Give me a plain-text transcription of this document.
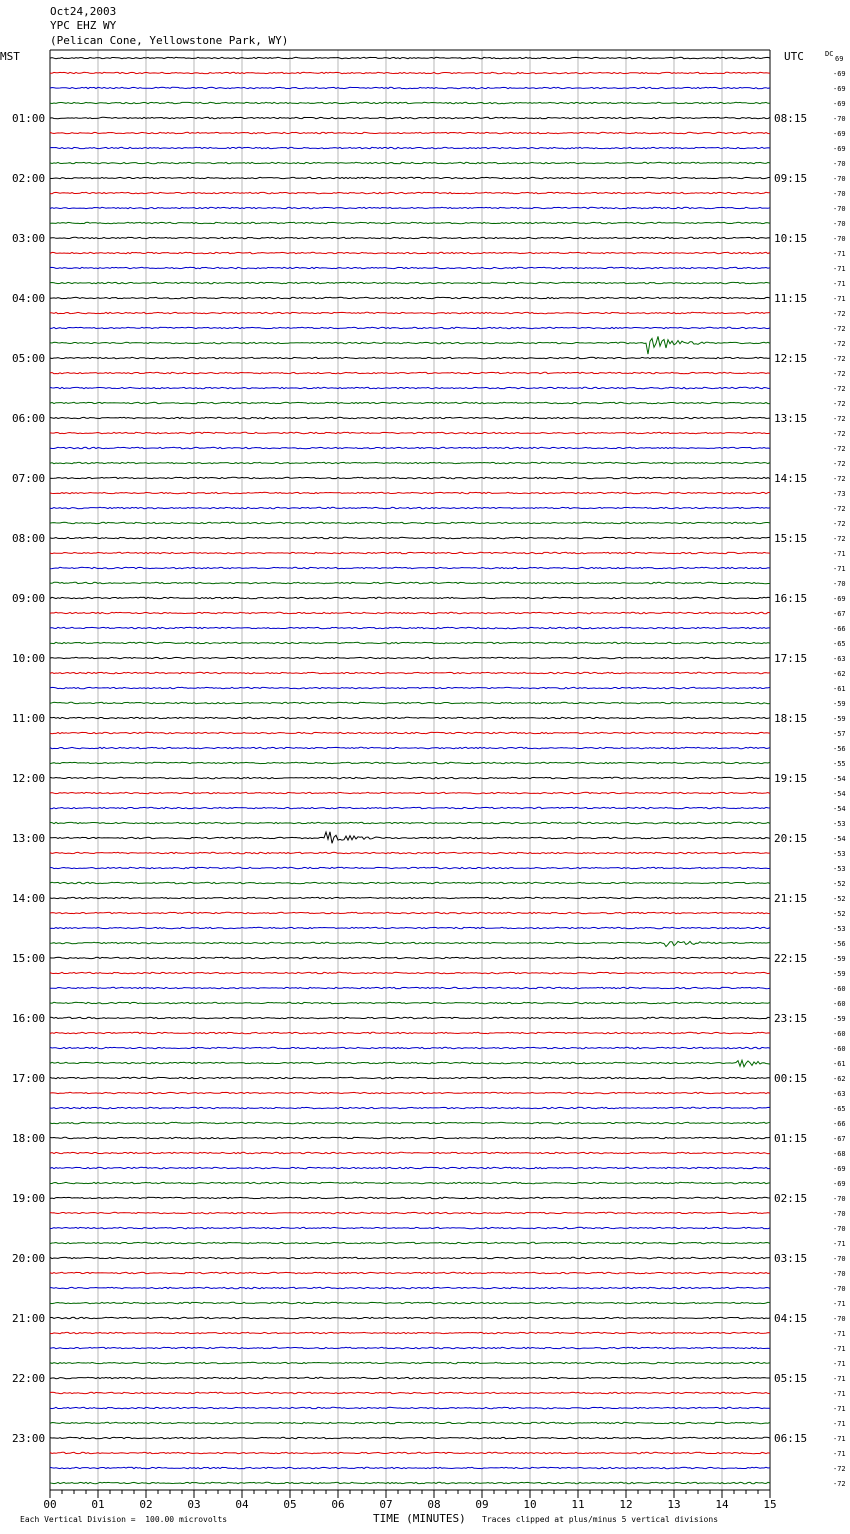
Oct24,2003
YPC EHZ WY
(Pelican Cone, Yellowstone Park, WY)
MST	UTC	69
-69
-69
-69
-70
01:00	08:15
-69
-69
-70
-70
02:00	09:15
-70
-70
-70
-70
03:00	10:15
-71
-71
-71
-71
04:00	11:15
-72
-72
-72
-72
05:00	12:15
-72
-72
-72
-72
06:00	13:15
-72
-72
-72
-72
07:00	14:15
-73
-72
-72
-72
08:00	15:15
-71
-71
-70
-69
09:00	16:15
-67
-66
-65
-63
10:00	17:15
-62
-61
-59
-59
11:00	18:15
-57
-56
-55
-54
12:00	19:15
-54
-54
-53
-54
13:00	20:15
-53
-53
-52
-52
14:00	21:15
-52
-53
-56
-59
15:00	22:15
-59
-60
-60
-59
16:00	23:15
-60
-60
-61
-62
17:00	00:15
-63
-65
-66
-67
18:00	01:15
-68
-69
-69
-70
19:00	02:15
-70
-70
-71
-70
20:00	03:15
-70
-70
-71
-70
21:00	04:15
-71
-71
-71
-71
22:00	05:15
-71
-71
-71
-71
23:00	06:15
-71
-72
-72
DC
00	01	02	03	04	05	06	07	08	09	10	11	12	13	14	15
Each Vertical Division =  100.00 microvolts	TIME (MINUTES) Traces clipped at plus/minus 5 vertical divisions
